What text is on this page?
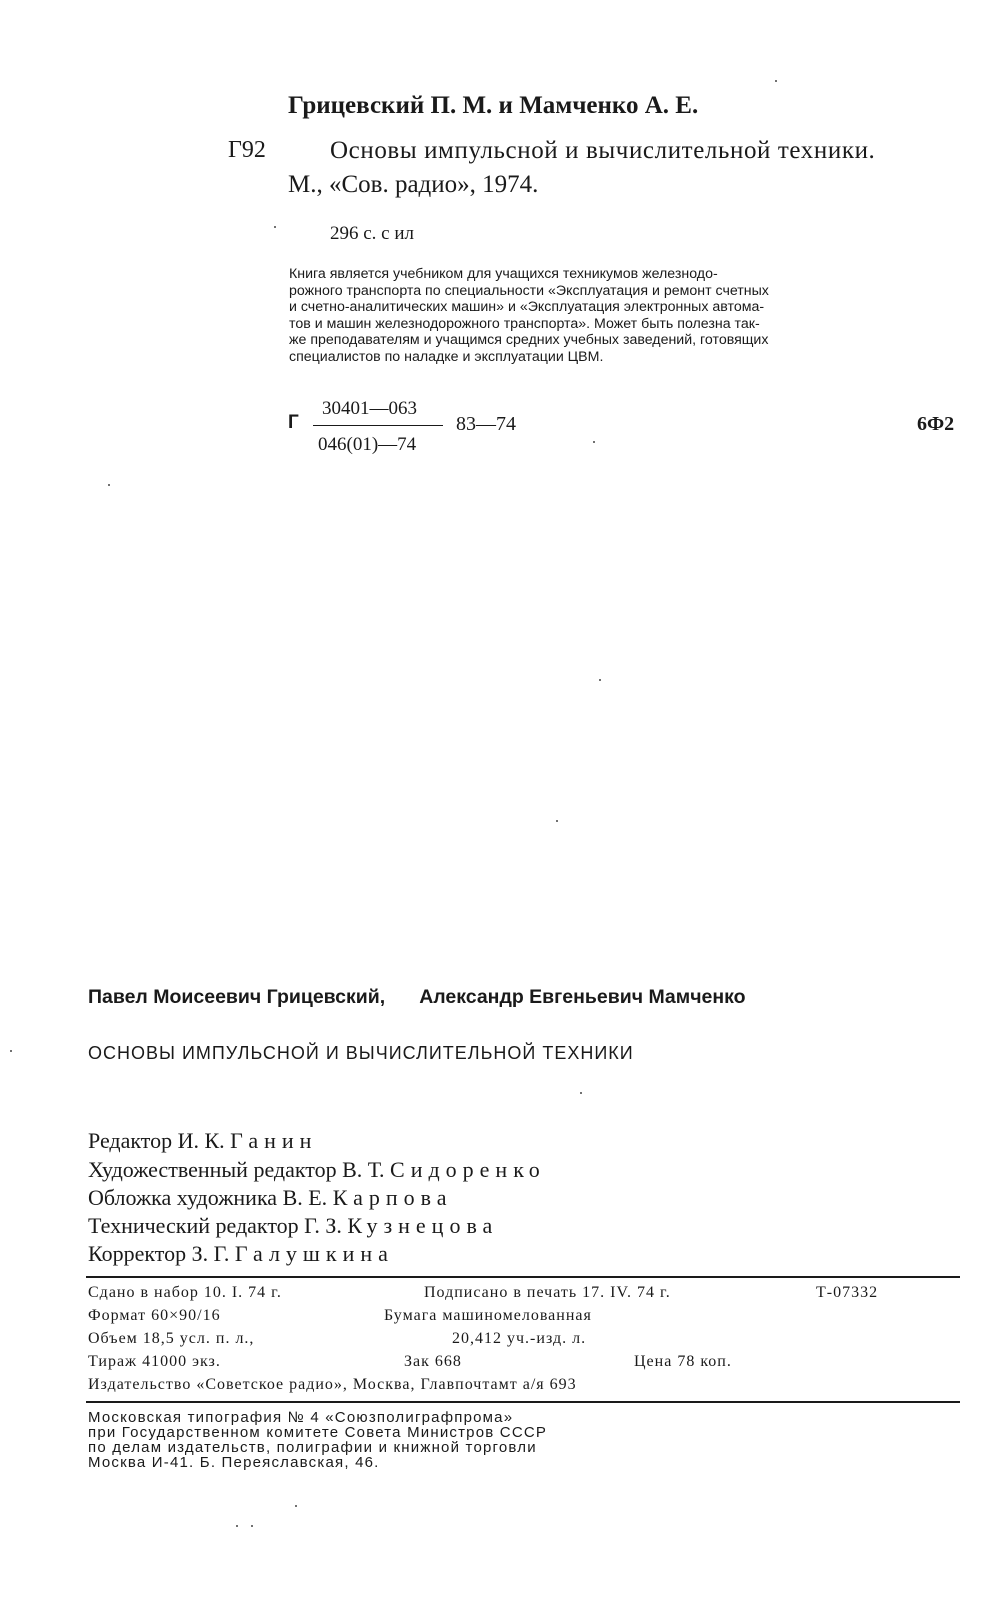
Грицевский П. М. и Мамченко А. Е.
Г92	Основы импульсной и вычислительной техники.
М., «Сов. радио», 1974.
296 с. с ил
Книга является учебником для учащихся техникумов железнодо-
рожного транспорта по специальности «Эксплуатация и ремонт счетных
и счетно-аналитических машин» и «Эксплуатация электронных автома-
тов и машин железнодорожного транспорта». Может быть полезна так-
же преподавателям и учащимся средних учебных заведений, готовящих
специалистов по наладке и эксплуатации ЦВМ.
Г
30401—063
046(01)—74
83—74	6Ф2
Павел Моисеевич Грицевский, Александр Евгеньевич Мамченко
ОСНОВЫ ИМПУЛЬСНОЙ И ВЫЧИСЛИТЕЛЬНОЙ ТЕХНИКИ
Редактор И. К. Ганин
Художественный редактор В. Т. Сидоренко
Обложка художника В. Е. Карпова
Технический редактор Г. З. Кузнецова
Корректор З. Г. Галушкина
Сдано в набор 10. I. 74 г.	Подписано в печать 17. IV. 74 г.	Т-07332
Формат 60×90/16	Бумага машиномелованная
Объем 18,5 усл. п. л.,	20,412 уч.-изд. л.
Тираж 41000 экз.	Зак 668	Цена 78 коп.
Издательство «Советское радио», Москва, Главпочтамт а/я 693
Московская типография № 4 «Союзполиграфпрома»
при Государственном комитете Совета Министров СССР
по делам издательств, полиграфии и книжной торговли
Москва И-41. Б. Переяславская, 46.
